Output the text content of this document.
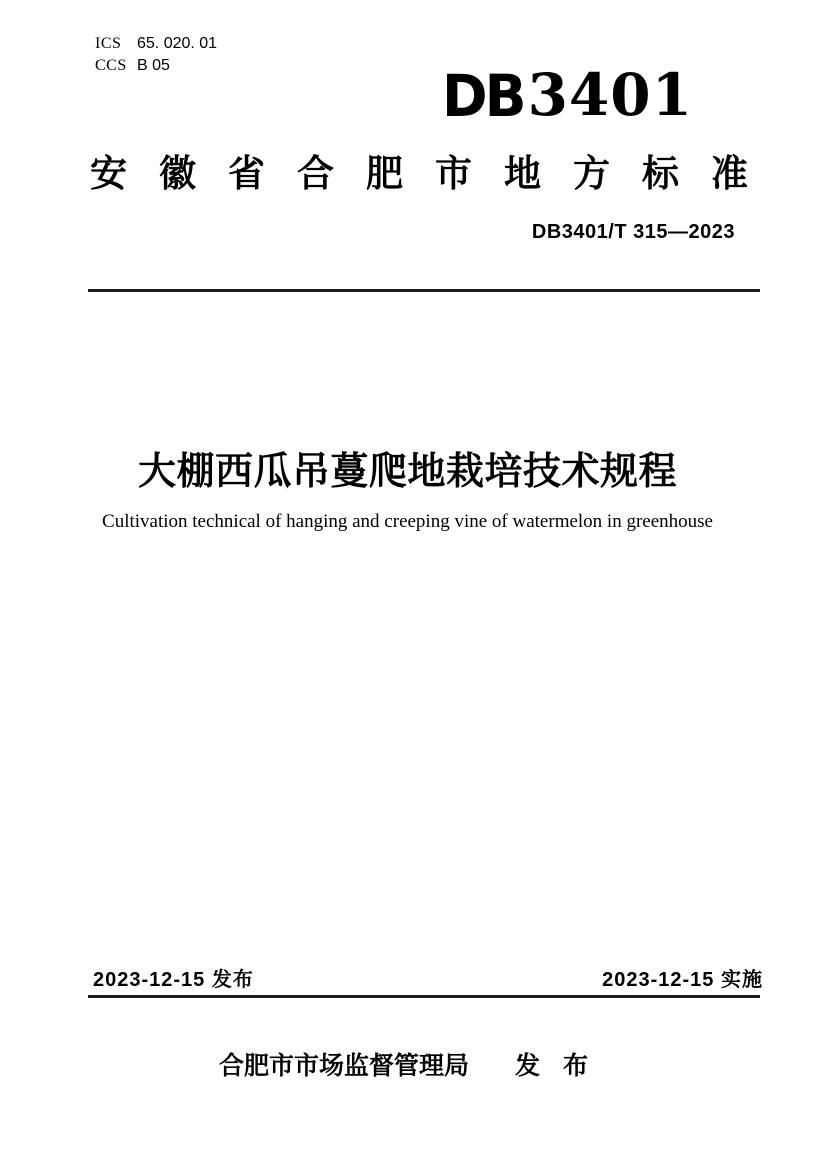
ICS 65. 020. 01
CCS B 05	DB3401
安 徽 省 合 肥 市 地 方 标 准
DB3401/T 315—2023
大棚西瓜吊蔓爬地栽培技术规程
Cultivation technical of hanging and creeping vine of watermelon in greenhouse
2023-12-15 发布	2023-12-15 实施
合肥市市场监督管理局 发 布
